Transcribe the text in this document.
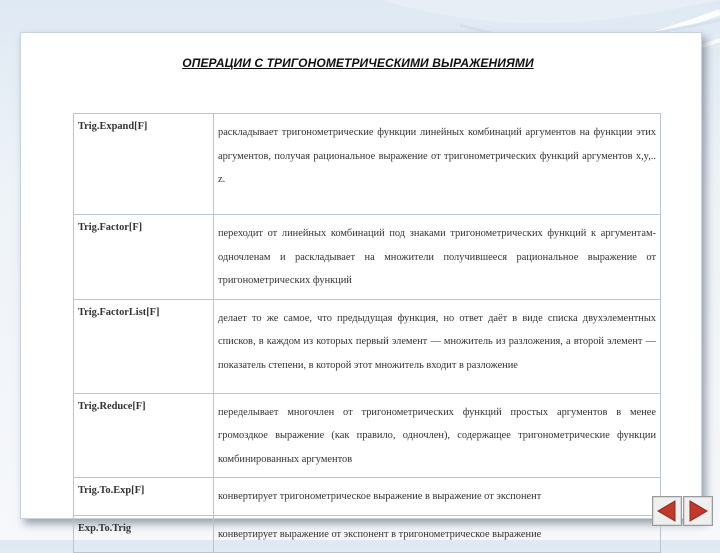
ОПЕРАЦИИ С ТРИГОНОМЕТРИЧЕСКИМИ ВЫРАЖЕНИЯМИ
Trig.Expand[F]	раскладывает тригонометрические функции линейных комбинаций аргументов на функции этих аргументов, получая рациональное выражение от тригонометрических функций аргументов x,y,.. z.
Trig.Factor[F]	переходит от линейных комбинаций под знаками тригонометрических функций к аргументам-одночленам и раскладывает на множители получившееся рациональное выражение от тригонометрических функций
Trig.FactorList[F]	делает то же самое, что предыдущая функция, но ответ даёт в виде списка двухэлементных списков, в каждом из которых первый элемент — множитель из разложения, а второй элемент — показатель степени, в которой этот множитель входит в разложение
Trig.Reduce[F]	переделывает многочлен от тригонометрических функций простых аргументов в менее громоздкое выражение (как правило, одночлен), содержащее тригонометрические функции комбинированных аргументов
Trig.To.Exp[F]	конвертирует тригонометрическое выражение в выражение от экспонент
Exp.To.Trig	конвертирует выражение от экспонент в тригонометрическое выражение
